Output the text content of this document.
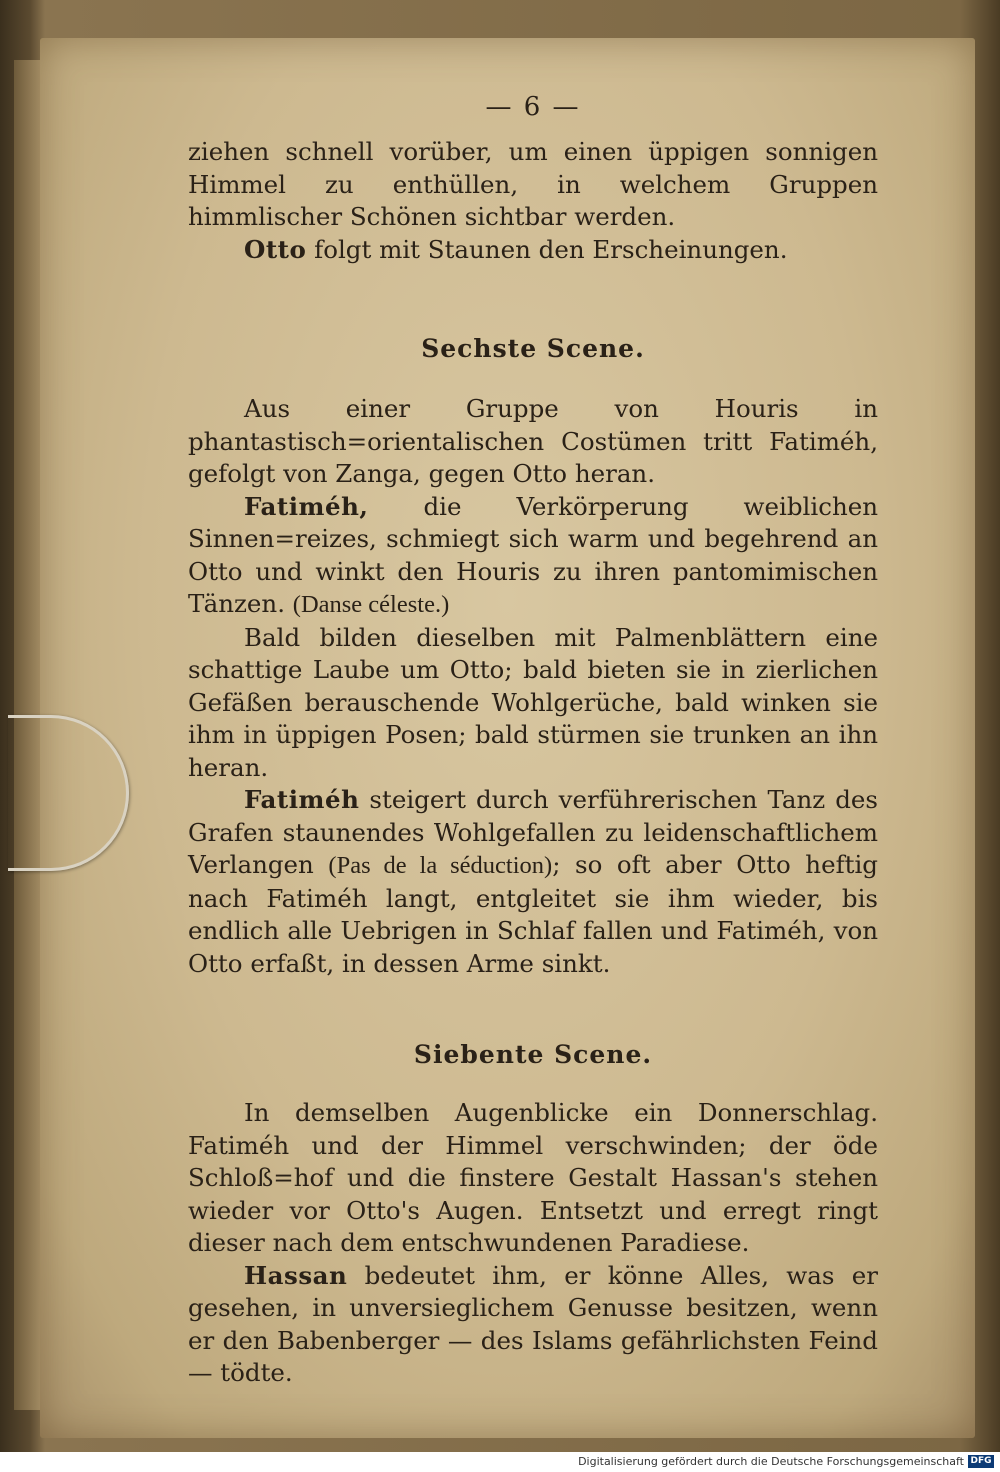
— 6 —

ziehen schnell vorüber, um einen üppigen sonnigen Himmel zu enthüllen, in welchem Gruppen himmlischer Schönen sichtbar werden.

Otto folgt mit Staunen den Erscheinungen.

Sechste Scene.

Aus einer Gruppe von Houris in phantastisch=orientalischen Costümen tritt Fatiméh, gefolgt von Zanga, gegen Otto heran.

Fatiméh, die Verkörperung weiblichen Sinnen=reizes, schmiegt sich warm und begehrend an Otto und winkt den Houris zu ihren pantomimischen Tänzen. (Danse céleste.)

Bald bilden dieselben mit Palmenblättern eine schattige Laube um Otto; bald bieten sie in zierlichen Gefäßen berauschende Wohlgerüche, bald winken sie ihm in üppigen Posen; bald stürmen sie trunken an ihn heran.

Fatiméh steigert durch verführerischen Tanz des Grafen staunendes Wohlgefallen zu leidenschaftlichem Verlangen (Pas de la séduction); so oft aber Otto heftig nach Fatiméh langt, entgleitet sie ihm wieder, bis endlich alle Uebrigen in Schlaf fallen und Fatiméh, von Otto erfaßt, in dessen Arme sinkt.

Siebente Scene.

In demselben Augenblicke ein Donnerschlag. Fatiméh und der Himmel verschwinden; der öde Schloß=hof und die finstere Gestalt Hassan's stehen wieder vor Otto's Augen. Entsetzt und erregt ringt dieser nach dem entschwundenen Paradiese.

Hassan bedeutet ihm, er könne Alles, was er gesehen, in unversieglichem Genusse besitzen, wenn er den Babenberger — des Islams gefährlichsten Feind — tödte.

Digitalisierung gefördert durch die Deutsche Forschungsgemeinschaft DFG
